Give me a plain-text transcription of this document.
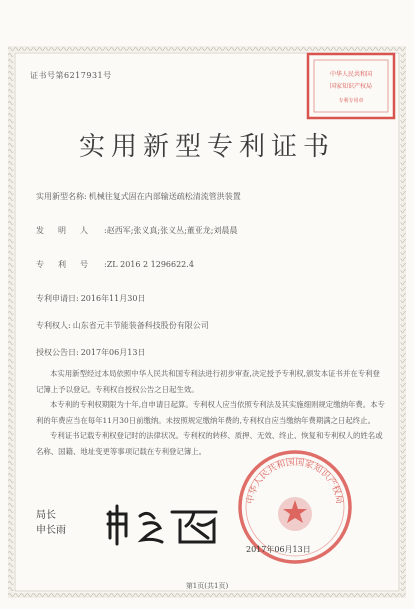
证书号第6217931号	中华人民共和国
国家知识产权局
专利专用章
实用新型专利证书
实用新型名称: 机械往复式固在内部输送疏松清流管洪装置
发明人 :赵西军;张义真;张义丛;董亚龙;刘晨晨
专利号 :ZL 2016 2 1296622.4
专利申请日: 2016年11月30日
专利权人: 山东省元丰节能装备科技股份有限公司
授权公告日: 2017年06月13日

本实用新型经过本局依照中华人民共和国专利法进行初步审查,决定授予专利权,颁发本证书并在专利登记簿上予以登记。专利权自授权公告之日起生效。

本专利的专利权期限为十年,自申请日起算。专利权人应当依照专利法及其实施细则规定缴纳年费。本专利的年费应当在每年11月30日前缴纳。未按照规定缴纳年费的,专利权自应当缴纳年费期满之日起终止。

专利证书记载专利权登记时的法律状况。专利权的转移、质押、无效、终止、恢复和专利权人的姓名或名称、国籍、地址变更等事项记载在专利登记簿上。

中华人民共和国国家知识产权局
局长
申长雨
2017年06月13日
第1页(共1页)
